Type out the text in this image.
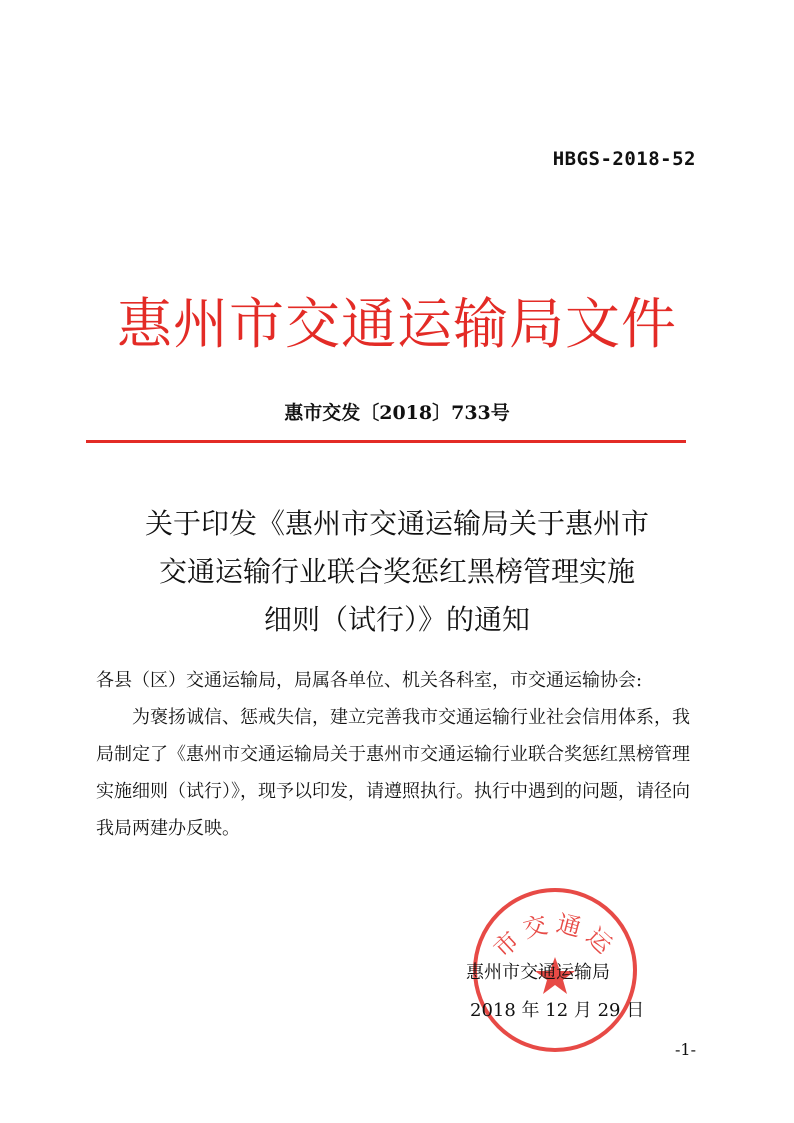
HBGS-2018-52
惠州市交通运输局文件
惠市交发〔2018〕733号
关于印发《惠州市交通运输局关于惠州市
交通运输行业联合奖惩红黑榜管理实施
细则（试行）》的通知

各县（区）交通运输局，局属各单位、机关各科室，市交通运输协会:

为褒扬诚信、惩戒失信，建立完善我市交通运输行业社会信用体系，我局制定了《惠州市交通运输局关于惠州市交通运输行业联合奖惩红黑榜管理实施细则（试行）》，现予以印发，请遵照执行。执行中遇到的问题，请径向我局两建办反映。

市交通运
惠州市交通运输局
2018 年 12 月 29 日
-1-
